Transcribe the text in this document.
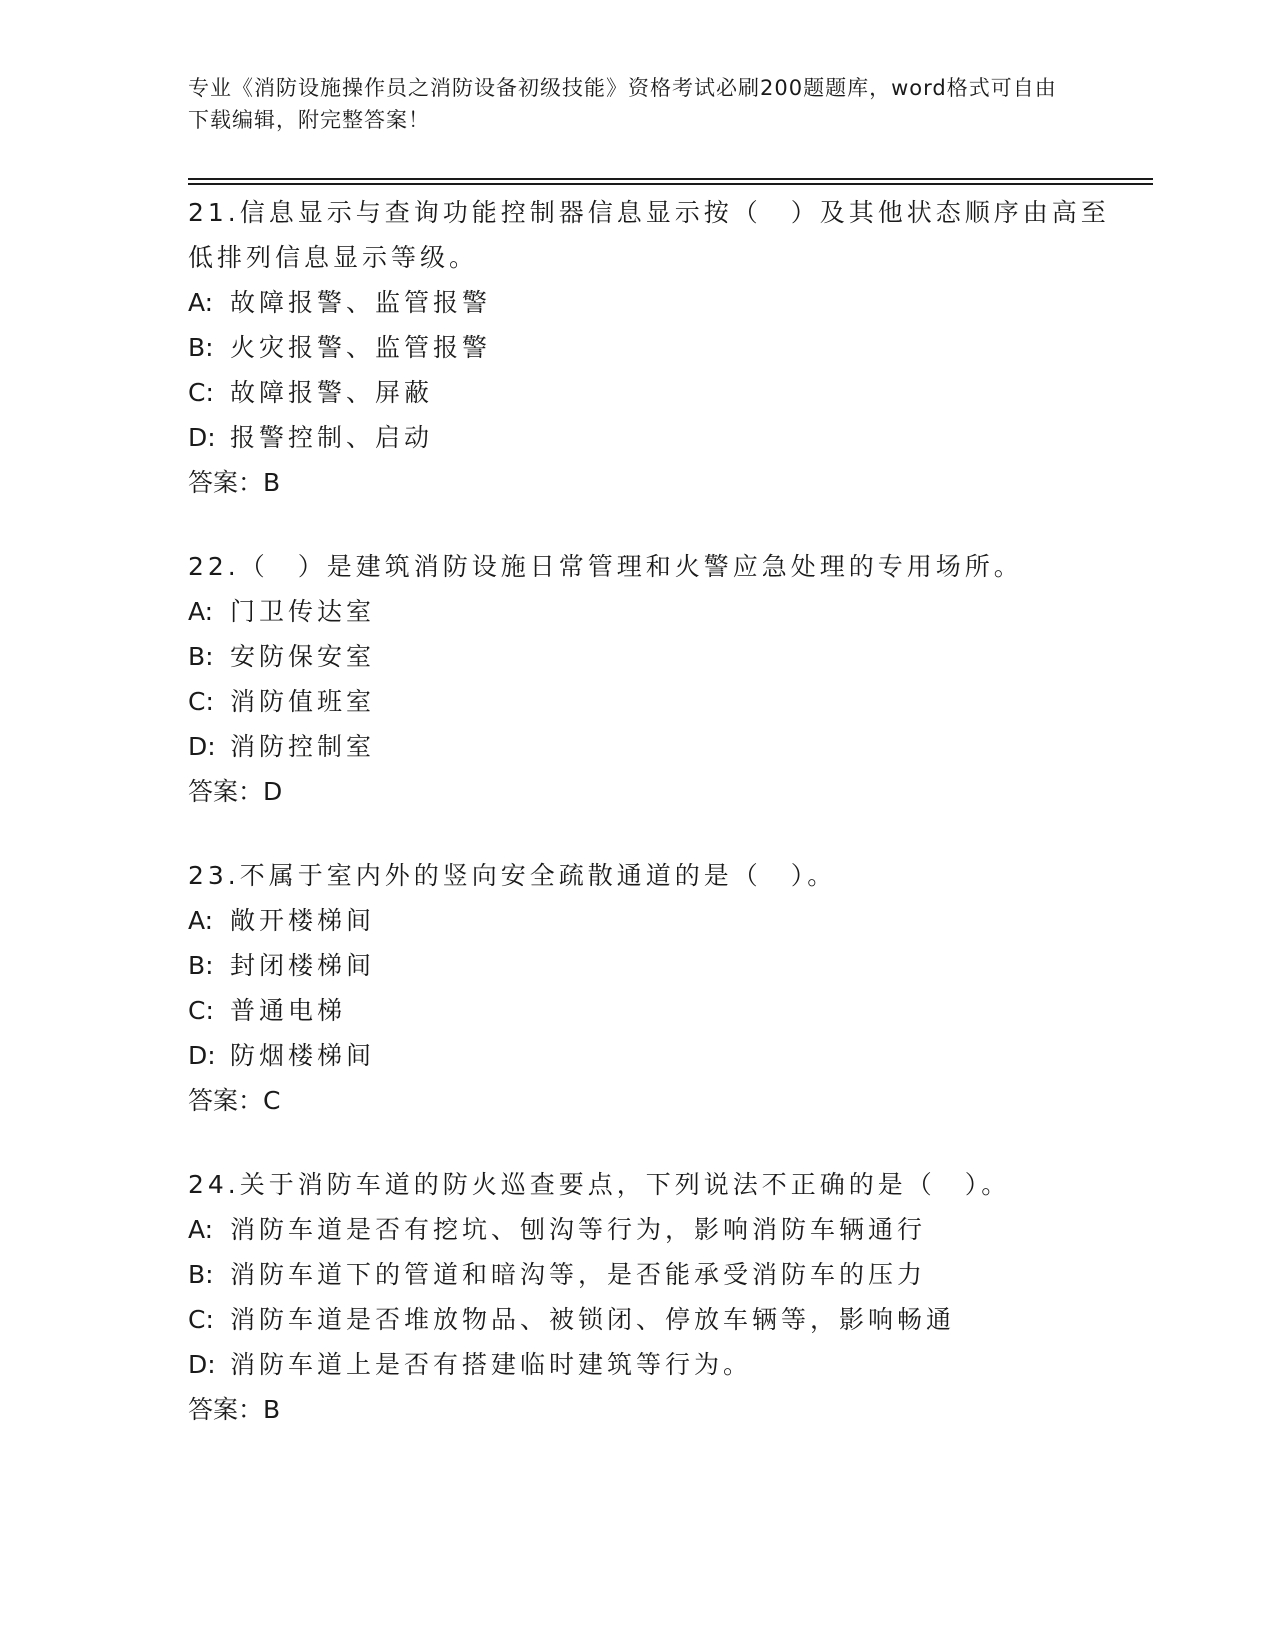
专业《消防设施操作员之消防设备初级技能》资格考试必刷200题题库，word格式可自由下载编辑，附完整答案！
21.信息显示与查询功能控制器信息显示按（　）及其他状态顺序由高至低排列信息显示等级。
A: 故障报警、监管报警
B: 火灾报警、监管报警
C: 故障报警、屏蔽
D: 报警控制、启动
答案：B
22.（　）是建筑消防设施日常管理和火警应急处理的专用场所。
A: 门卫传达室
B: 安防保安室
C: 消防值班室
D: 消防控制室
答案：D
23.不属于室内外的竖向安全疏散通道的是（　）。
A: 敞开楼梯间
B: 封闭楼梯间
C: 普通电梯
D: 防烟楼梯间
答案：C
24.关于消防车道的防火巡查要点，下列说法不正确的是（　）。
A: 消防车道是否有挖坑、刨沟等行为，影响消防车辆通行
B: 消防车道下的管道和暗沟等，是否能承受消防车的压力
C: 消防车道是否堆放物品、被锁闭、停放车辆等，影响畅通
D: 消防车道上是否有搭建临时建筑等行为。
答案：B
